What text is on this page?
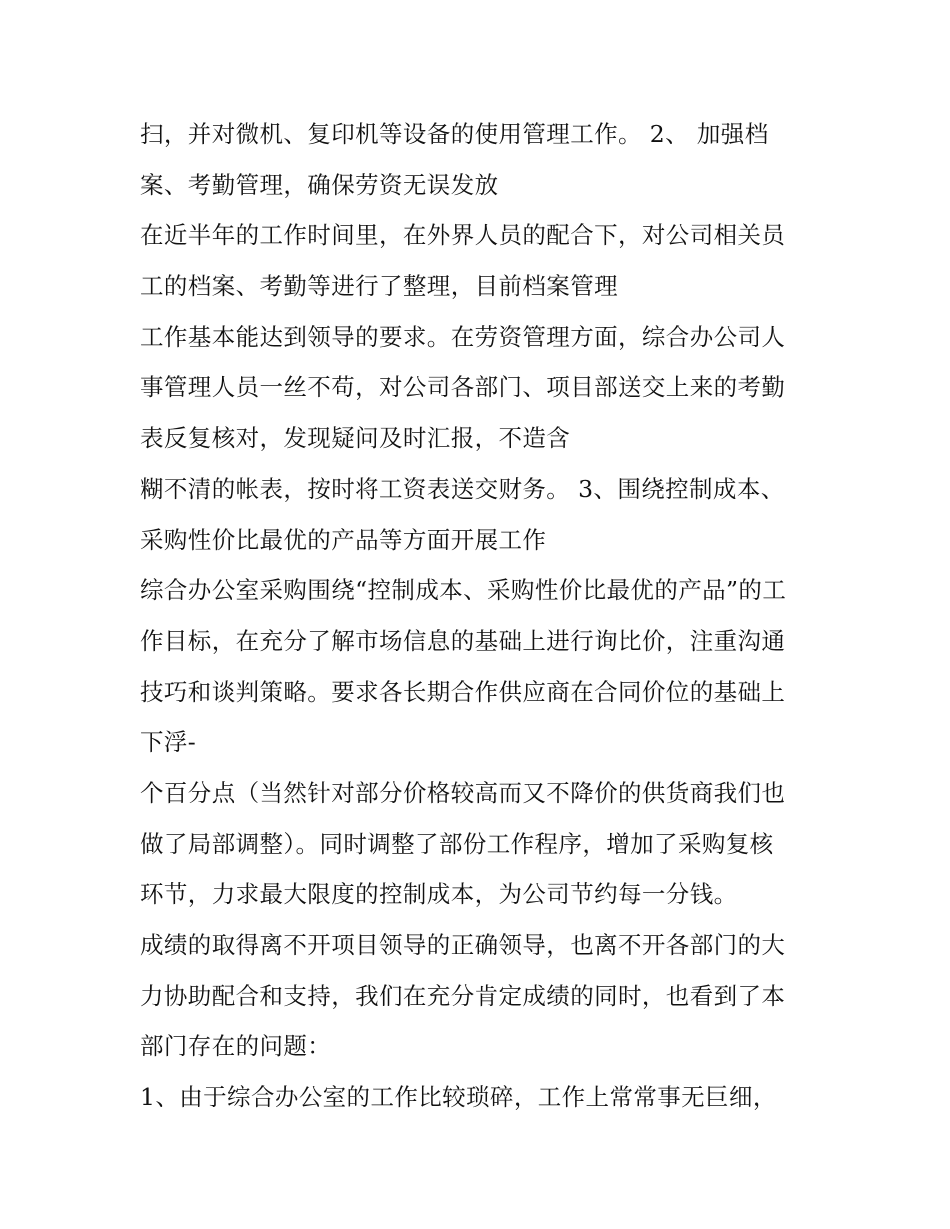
扫，并对微机、复印机等设备的使用管理工作。 2、 加强档
案、考勤管理，确保劳资无误发放
在近半年的工作时间里，在外界人员的配合下，对公司相关员
工的档案、考勤等进行了整理，目前档案管理
工作基本能达到领导的要求。在劳资管理方面，综合办公司人
事管理人员一丝不苟，对公司各部门、项目部送交上来的考勤
表反复核对，发现疑问及时汇报，不造含
糊不清的帐表，按时将工资表送交财务。 3、围绕控制成本、
采购性价比最优的产品等方面开展工作
综合办公室采购围绕“控制成本、采购性价比最优的产品”的工
作目标，在充分了解市场信息的基础上进行询比价，注重沟通
技巧和谈判策略。要求各长期合作供应商在合同价位的基础上
下浮-
个百分点（当然针对部分价格较高而又不降价的供货商我们也
做了局部调整）。同时调整了部份工作程序，增加了采购复核
环节，力求最大限度的控制成本，为公司节约每一分钱。
成绩的取得离不开项目领导的正确领导，也离不开各部门的大
力协助配合和支持，我们在充分肯定成绩的同时，也看到了本
部门存在的问题：
1、由于综合办公室的工作比较琐碎，工作上常常事无巨细，
